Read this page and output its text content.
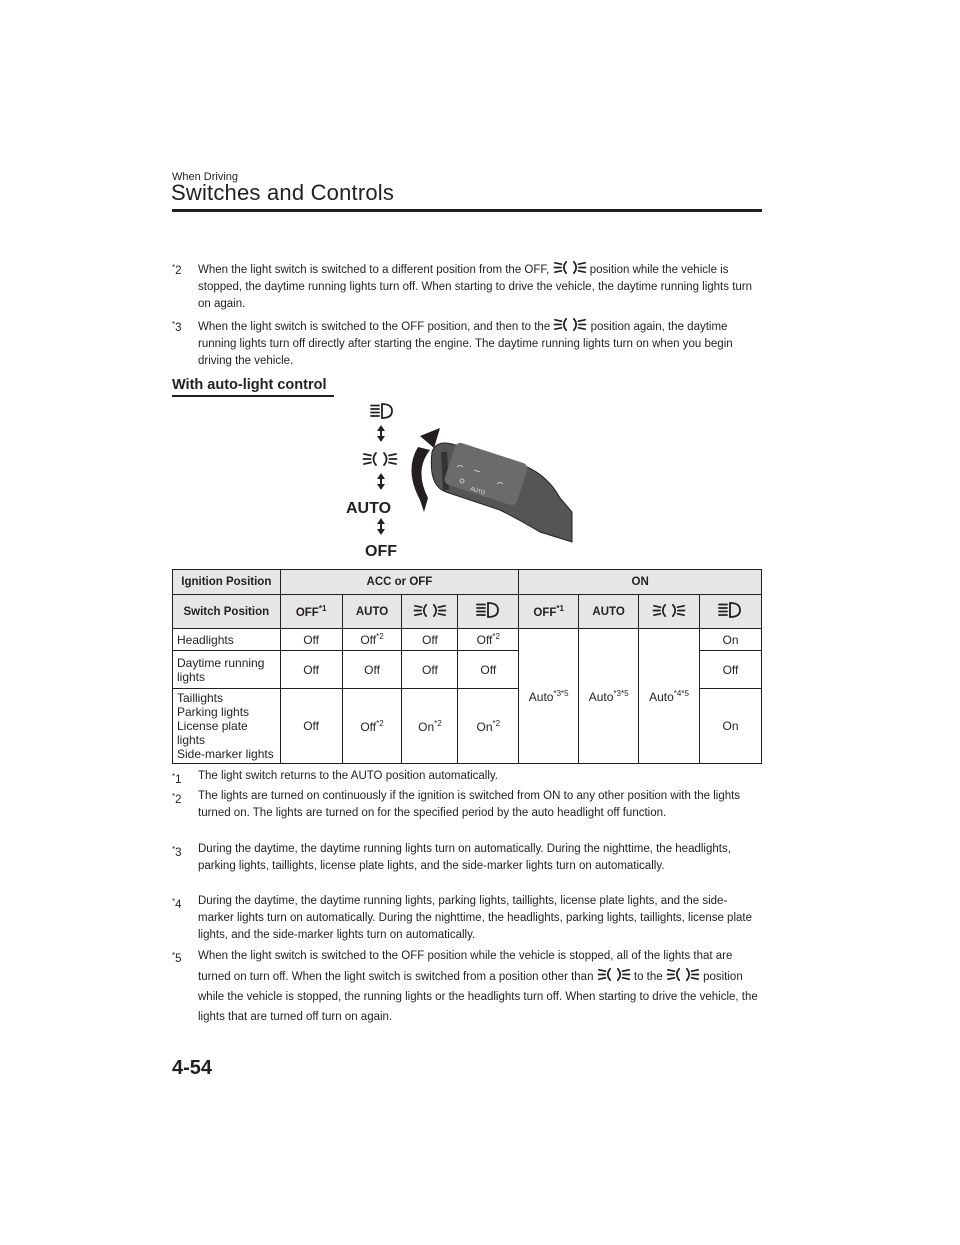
When Driving
Switches and Controls
*2	When the light switch is switched to a different position from the OFF,	position while the vehicle is stopped, the daytime running lights turn off. When starting to drive the vehicle, the daytime running lights turn on again.
*3	When the light switch is switched to the OFF position, and then to the	position again, the daytime running lights turn off directly after starting the engine. The daytime running lights turn on when you begin driving the vehicle.
With auto-light control
AUTO
OFF
AUTO
Ignition Position	ACC or OFF				ON			
Switch Position	OFF$^{*1}$	AUTO			OFF$^{*1}$	AUTO		
Headlights	Off	Off$^{*2}$	Off	Off$^{*2}$	Auto$^{*3*5}$	Auto$^{*3*5}$	Auto$^{*4*5}$	On
Daytime running
lights	Off	Off	Off	Off				Off
Taillights
Parking lights
License plate lights
Side-marker lights	Off	Off$^{*2}$	On$^{*2}$	On$^{*2}$				On
*1	The light switch returns to the AUTO position automatically.
*2	The lights are turned on continuously if the ignition is switched from ON to any other position with the lights turned on. The lights are turned on for the specified period by the auto headlight off function.
*3	During the daytime, the daytime running lights turn on automatically. During the nighttime, the headlights, parking lights, taillights, license plate lights, and the side-marker lights turn on automatically.
*4	During the daytime, the daytime running lights, parking lights, taillights, license plate lights, and the side-marker lights turn on automatically. During the nighttime, the headlights, parking lights, taillights, license plate lights, and the side-marker lights turn on automatically.
*5	When the light switch is switched to the OFF position while the vehicle is stopped, all of the lights that are turned on turn off. When the light switch is switched from a position other than	to the	position while the vehicle is stopped, the running lights or the headlights turn off. When starting to drive the vehicle, the lights that are turned off turn on again.
4-54
